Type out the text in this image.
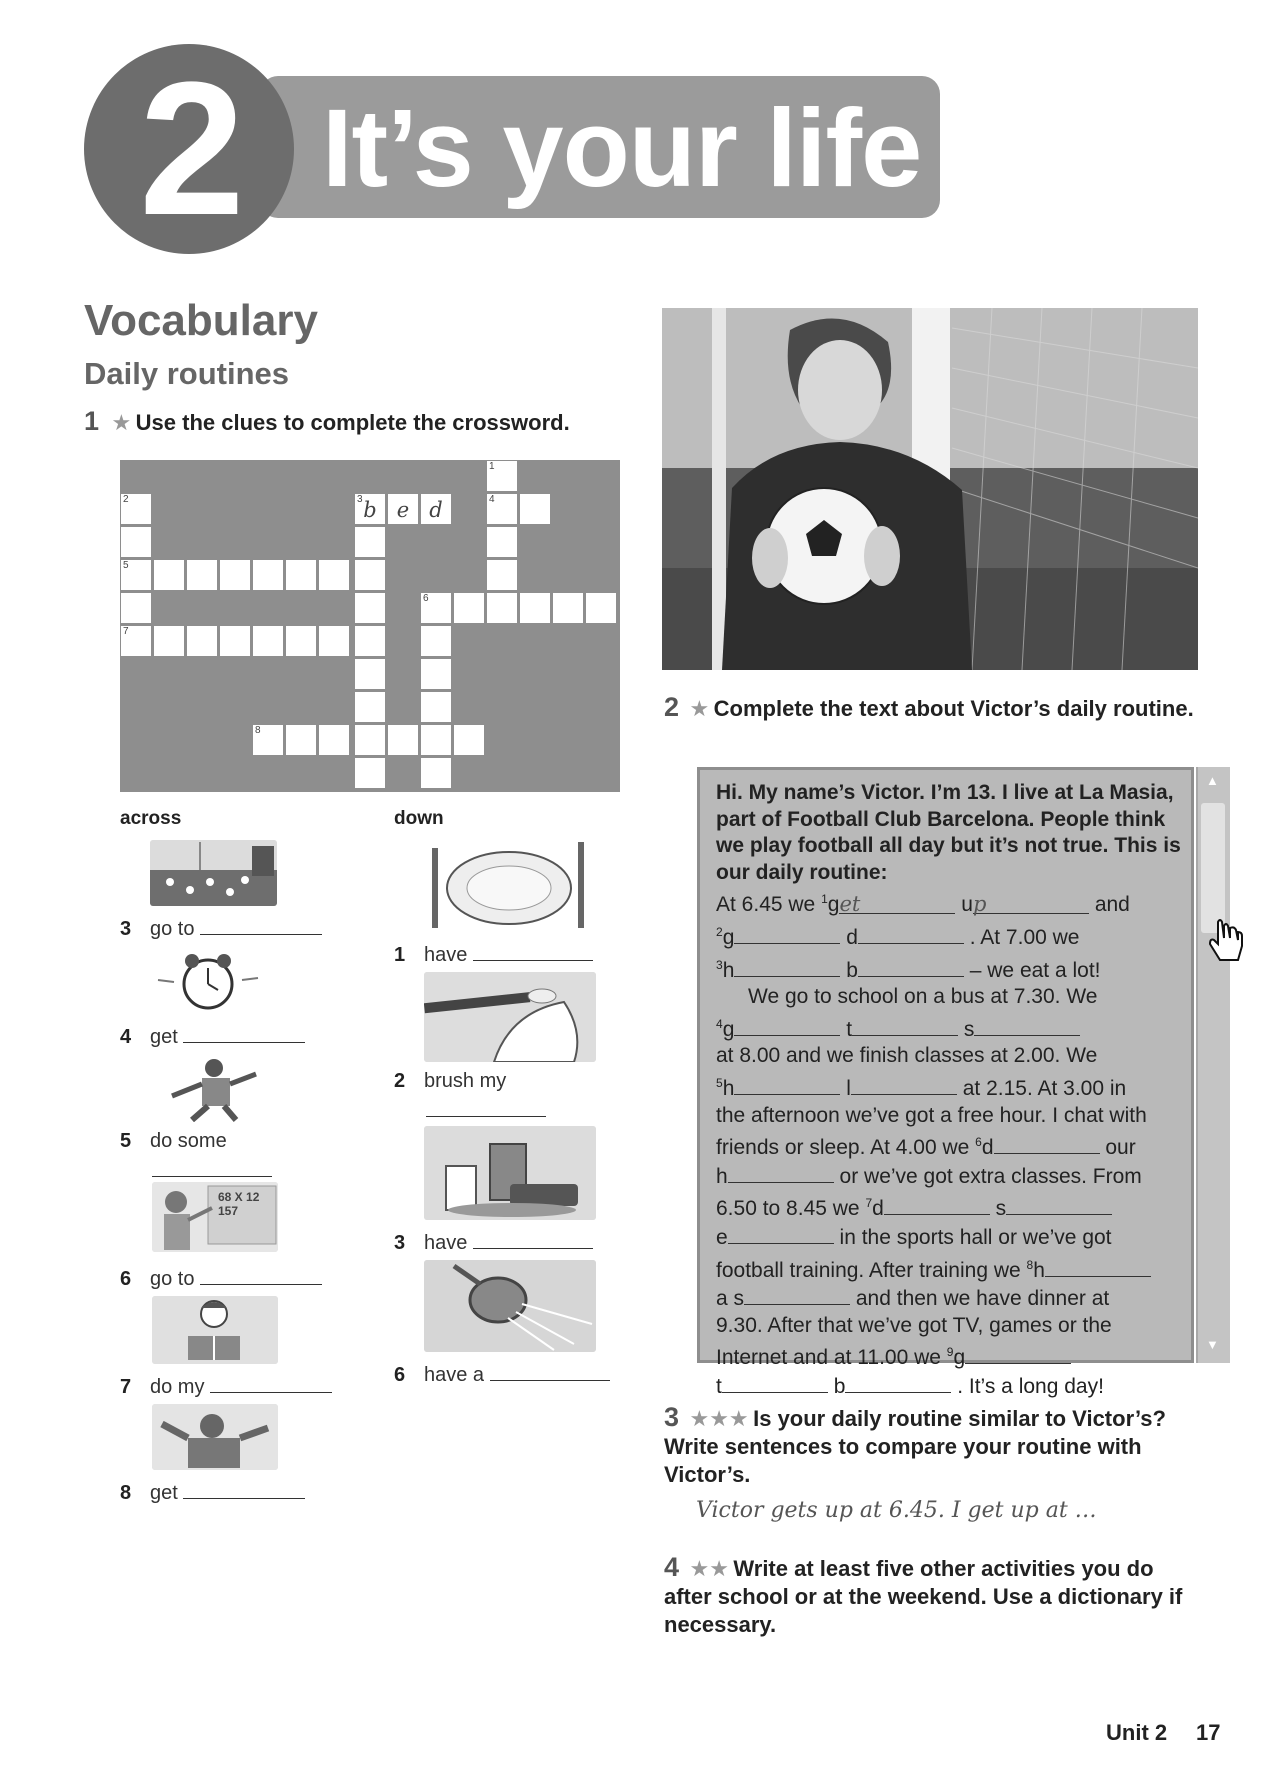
2 It’s your life
Vocabulary
Daily routines
1 ★ Use the clues to complete the crossword.
1
2	3 b e d	4
5
6
7
8
across	down
3 go to
4 get
5 do some
68 X 12
157
6 go to
7 do my
8 get
1 have
2 brush my
3 have
6 have a
2 ★ Complete the text about Victor’s daily routine.
▲
▼

Hi. My name’s Victor. I’m 13. I live at La Masia, part of Football Club Barcelona. People think we play football all day but it’s not true. This is our daily routine:

At 6.45 we $^1$get	up	and
$^2$g	d	. At 7.00 we
$^3$h	b	– we eat a lot!
We go to school on a bus at 7.30. We
$^4$g	t	s
at 8.00 and we finish classes at 2.00. We
$^5$h	l	at 2.15. At 3.00 in
the afternoon we’ve got a free hour. I chat with
friends or sleep. At 4.00 we $^6$d	our
h	or we’ve got extra classes. From
6.50 to 8.45 we $^7$d	s
e	in the sports hall or we’ve got
football training. After training we $^8$h
a s	and then we have dinner at
9.30. After that we’ve got TV, games or the
Internet and at 11.00 we $^9$g
t	b	. It’s a long day!
3 ★★★ Is your daily routine similar to Victor’s? Write sentences to compare your routine with Victor’s.
Victor gets up at 6.45. I get up at …
4 ★★ Write at least five other activities you do after school or at the weekend. Use a dictionary if necessary.
Unit 2 17
